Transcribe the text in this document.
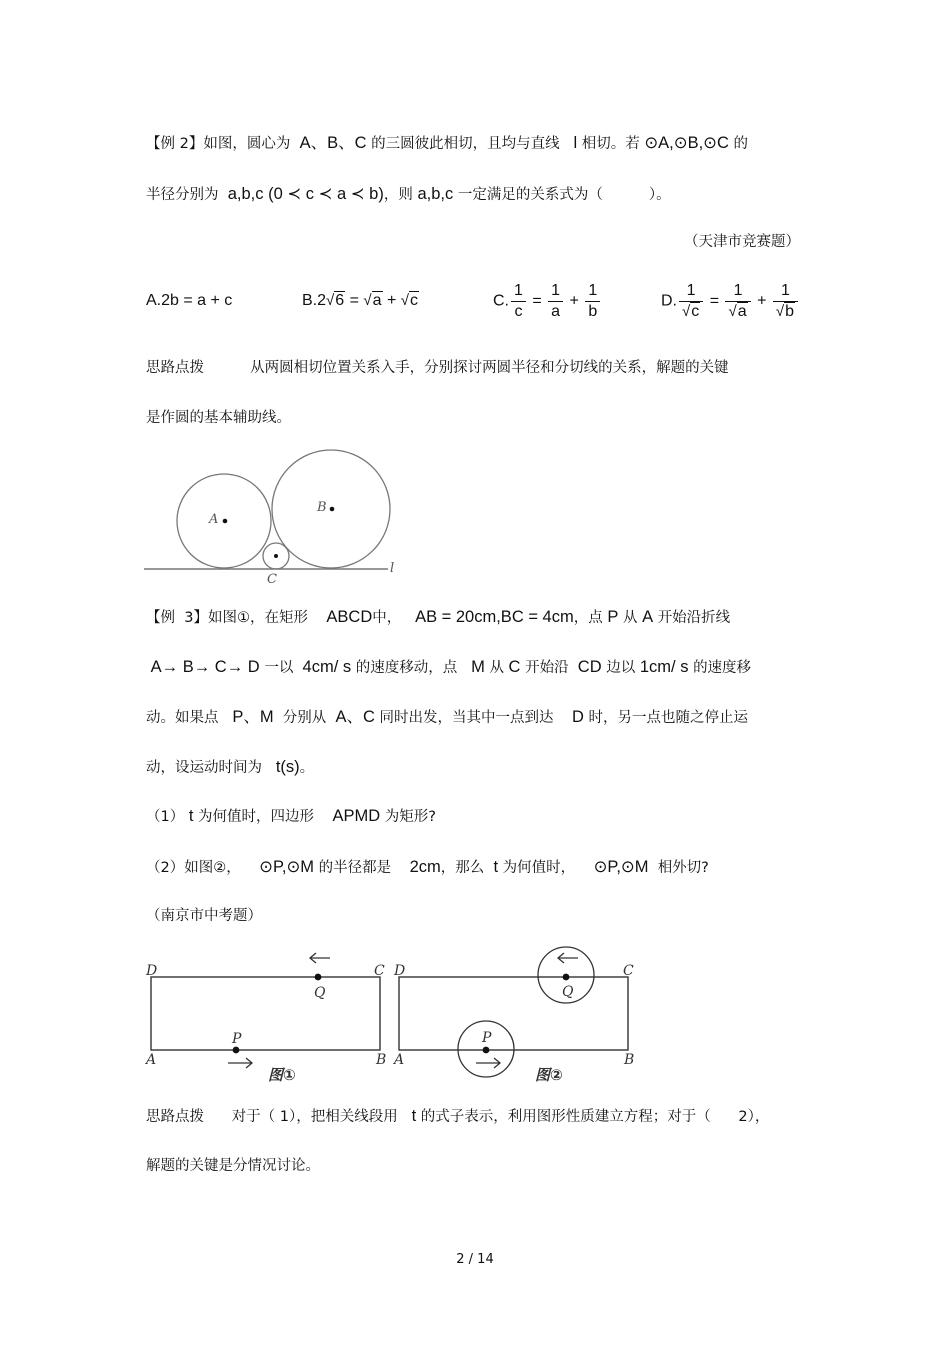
【例 2】如图，圆心为 A、B、C 的三圆彼此相切，且均与直线 l 相切。若 ⊙A,⊙B,⊙C 的
半径分别为 a,b,c (0 ≺ c ≺ a ≺ b)，则 a,b,c 一定满足的关系式为（          ）。
（天津市竞赛题）
A.2b = a + c	B.2√6 = √a + √c	C. $\frac{1}{c} = \frac{1}{a} + \frac{1}{b}$	D. $\frac{1}{√c} = \frac{1}{√a} + \frac{1}{√b}$
思路点拨	从两圆相切位置关系入手，分别探讨两圆半径和分切线的关系，解题的关键
是作圆的基本辅助线。
A
B
C
l
【例  3】如图①，在矩形 ABCD中， AB = 20cm,BC = 4cm，点 P 从 A 开始沿折线
A→ B→ C→ D 一以 4cm/ s 的速度移动，点 M 从 C 开始沿 CD 边以 1cm/ s 的速度移
动。如果点 P、M 分别从 A、C 同时出发，当其中一点到达 D 时，另一点也随之停止运
动，设运动时间为 t(s)。
（1） t 为何值时，四边形 APMD 为矩形?
（2）如图②， ⊙P,⊙M 的半径都是 2cm，那么 t 为何值时， ⊙P,⊙M 相外切?
（南京市中考题）
D	C
A	B
Q
P
图①
D	C
A	B
Q
P
图②
思路点拨 对于（ 1），把相关线段用 t 的式子表示，利用图形性质建立方程；对于（      2），
解题的关键是分情况讨论。
2 / 14
